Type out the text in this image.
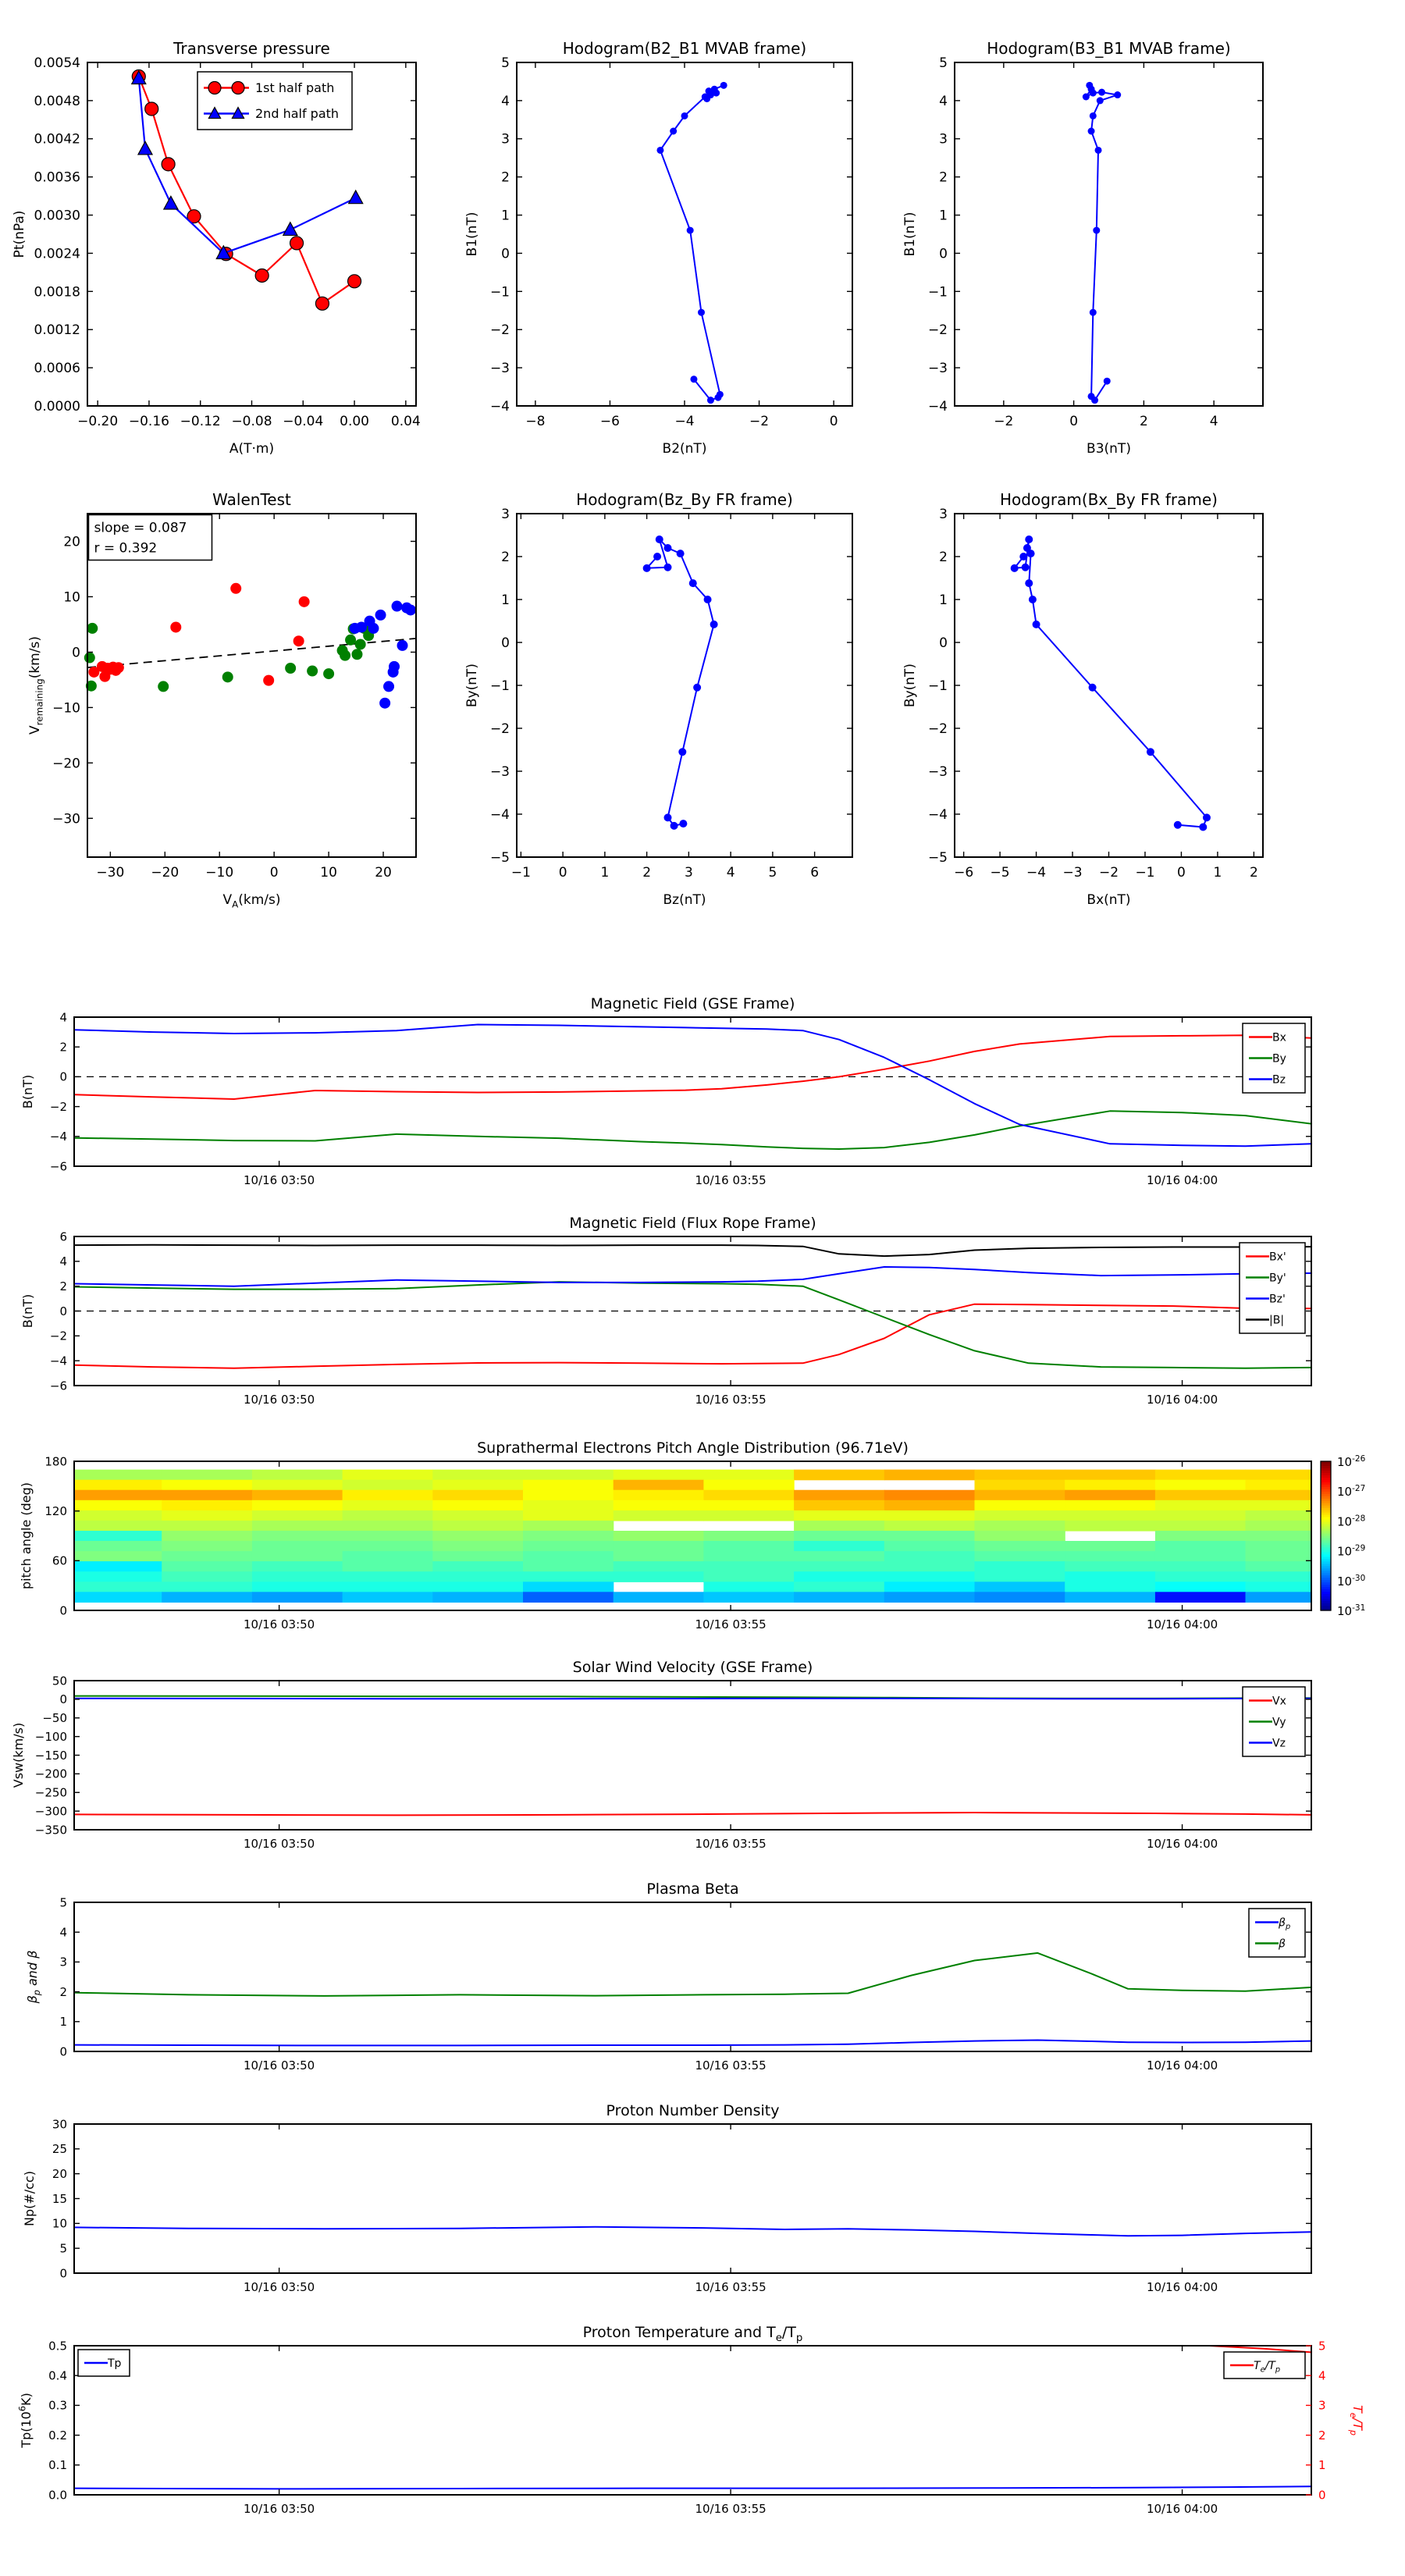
−0.20 −0.16 −0.12 −0.08 −0.04 0.00 0.04
0.0000
0.0006
0.0012
0.0018
0.0024
0.0030
0.0036
0.0042
0.0048
0.0054
Transverse pressure
A(T·m)
Pt(nPa)
1st half path
2nd half path
−8	−6	−4	−2	0
−4
−3
−2
−1
0
1
2
3
4
5
Hodogram(B2_B1 MVAB frame)
B2(nT)
B1(nT)
−2	0	2	4
−4
−3
−2
−1
0
1
2
3
4
5
Hodogram(B3_B1 MVAB frame)
B3(nT)
B1(nT)
−30 −20 −10	0	10	20
−30
−20
−10
0
10
20
WalenTest
$V_A(km/s)$
$V_{remaining}(km/s)$
slope = 0.087
r = 0.392
−1 0	1	2	3	4	5	6
−5
−4
−3
−2
−1
0
1
2
3
Hodogram(Bz_By FR frame)
Bz(nT)
By(nT)
−6 −5 −4 −3 −2 −1 0 1 2
−5
−4
−3
−2
−1
0
1
2
3
Hodogram(Bx_By FR frame)
Bx(nT)
By(nT)
10/16 03:50	10/16 03:55	10/16 04:00
−6
−4
−2
0
2
4
Magnetic Field (GSE Frame)
B(nT)
Bx
By
Bz
10/16 03:50	10/16 03:55	10/16 04:00
−6
−4
−2
0
2
4
6
Magnetic Field (Flux Rope Frame)
B(nT)
Bx'
By'
Bz'
|B|
10/16 03:50	10/16 03:55	10/16 04:00
0
60
120
180
Suprathermal Electrons Pitch Angle Distribution (96.71eV)
pitch angle (deg)
$10^{-26}$
$10^{-27}$
$10^{-28}$
$10^{-29}$
$10^{-30}$
$10^{-31}$
10/16 03:50	10/16 03:55	10/16 04:00
−350
−300
−250
−200
−150
−100
−50
0
50
Solar Wind Velocity (GSE Frame)
Vsw(km/s)
Vx
Vy
Vz
10/16 03:50	10/16 03:55	10/16 04:00
0
1
2
3
4
5
Plasma Beta
$\beta_p$ and β
$\beta_p$
β
10/16 03:50	10/16 03:55	10/16 04:00
0
5
10
15
20
25
30
Proton Number Density
Np(#/cc)
10/16 03:50	10/16 03:55	10/16 04:00
0.0
0.1
0.2
0.3
0.4
0.5
0
1
2
3
4
5
$T_e/T_p$
Proton Temperature and $T_e/T_p$
$Tp(10^6K)$
Tp	$T_e/T_p$
